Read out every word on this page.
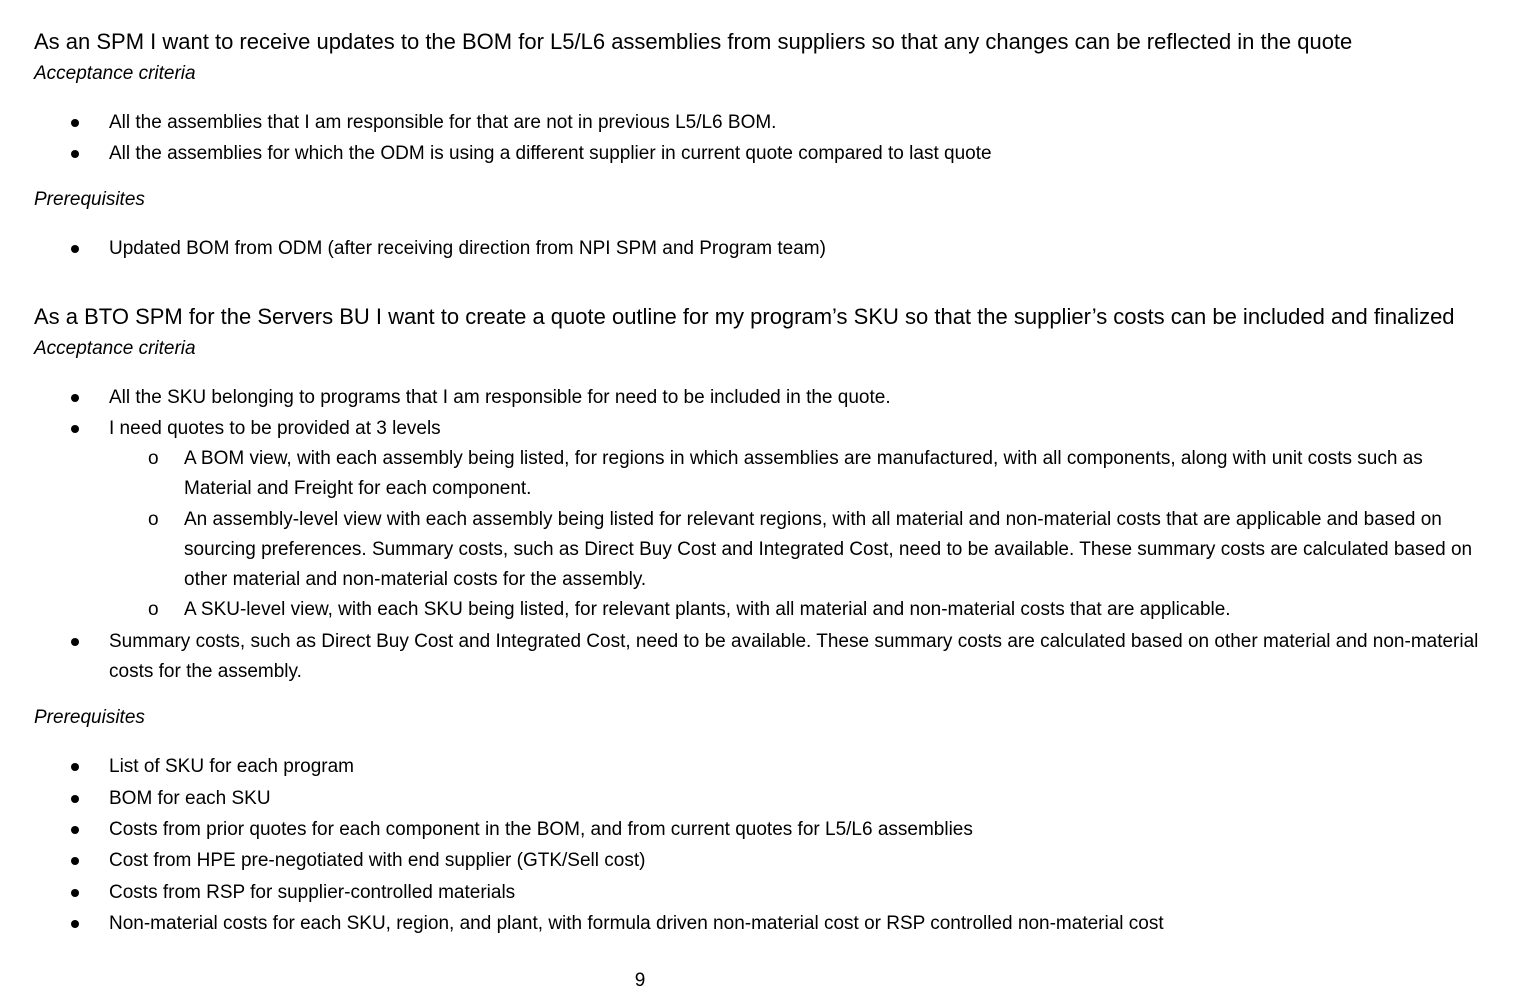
As an SPM I want to receive updates to the BOM for L5/L6 assemblies from suppliers so that any changes can be reflected in the quote
Acceptance criteria
All the assemblies that I am responsible for that are not in previous L5/L6 BOM.
All the assemblies for which the ODM is using a different supplier in current quote compared to last quote
Prerequisites
Updated BOM from ODM (after receiving direction from NPI SPM and Program team)
As a BTO SPM for the Servers BU I want to create a quote outline for my program’s SKU so that the supplier’s costs can be included and finalized
Acceptance criteria
All the SKU belonging to programs that I am responsible for need to be included in the quote.
I need quotes to be provided at 3 levels
o A BOM view, with each assembly being listed, for regions in which assemblies are manufactured, with all components, along with unit costs such as Material and Freight for each component.
o An assembly-level view with each assembly being listed for relevant regions, with all material and non-material costs that are applicable and based on sourcing preferences. Summary costs, such as Direct Buy Cost and Integrated Cost, need to be available. These summary costs are calculated based on other material and non-material costs for the assembly.
o A SKU-level view, with each SKU being listed, for relevant plants, with all material and non-material costs that are applicable.
Summary costs, such as Direct Buy Cost and Integrated Cost, need to be available. These summary costs are calculated based on other material and non-material costs for the assembly.
Prerequisites
List of SKU for each program
BOM for each SKU
Costs from prior quotes for each component in the BOM, and from current quotes for L5/L6 assemblies
Cost from HPE pre-negotiated with end supplier (GTK/Sell cost)
Costs from RSP for supplier-controlled materials
Non-material costs for each SKU, region, and plant, with formula driven non-material cost or RSP controlled non-material cost
9
